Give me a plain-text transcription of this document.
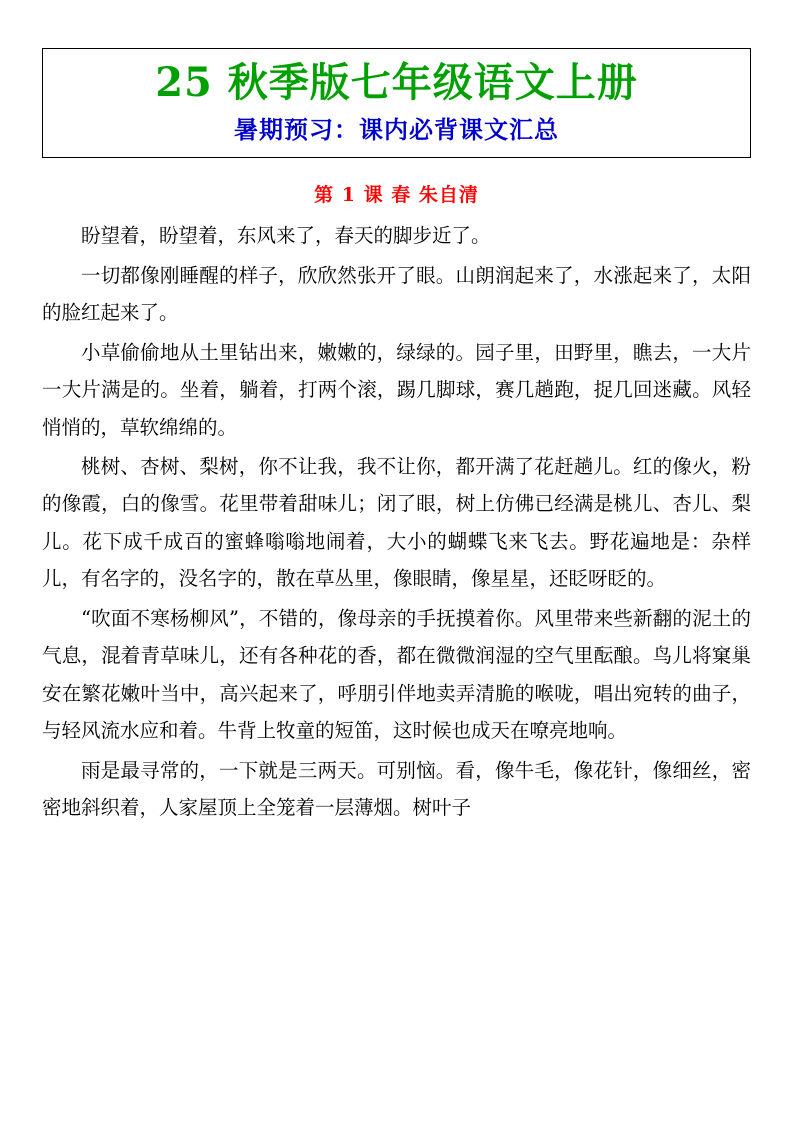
25 秋季版七年级语文上册
暑期预习：课内必背课文汇总
第 1 课 春 朱自清

盼望着，盼望着，东风来了，春天的脚步近了。

一切都像刚睡醒的样子，欣欣然张开了眼。山朗润起来了，水涨起来了，太阳的脸红起来了。

小草偷偷地从土里钻出来，嫩嫩的，绿绿的。园子里，田野里，瞧去，一大片一大片满是的。坐着，躺着，打两个滚，踢几脚球，赛几趟跑，捉几回迷藏。风轻悄悄的，草软绵绵的。

桃树、杏树、梨树，你不让我，我不让你，都开满了花赶趟儿。红的像火，粉的像霞，白的像雪。花里带着甜味儿；闭了眼，树上仿佛已经满是桃儿、杏儿、梨儿。花下成千成百的蜜蜂嗡嗡地闹着，大小的蝴蝶飞来飞去。野花遍地是：杂样儿，有名字的，没名字的，散在草丛里，像眼睛，像星星，还眨呀眨的。

“吹面不寒杨柳风”，不错的，像母亲的手抚摸着你。风里带来些新翻的泥土的气息，混着青草味儿，还有各种花的香，都在微微润湿的空气里酝酿。鸟儿将窠巢安在繁花嫩叶当中，高兴起来了，呼朋引伴地卖弄清脆的喉咙，唱出宛转的曲子，与轻风流水应和着。牛背上牧童的短笛，这时候也成天在嘹亮地响。

雨是最寻常的，一下就是三两天。可别恼。看，像牛毛，像花针，像细丝，密密地斜织着，人家屋顶上全笼着一层薄烟。树叶子
